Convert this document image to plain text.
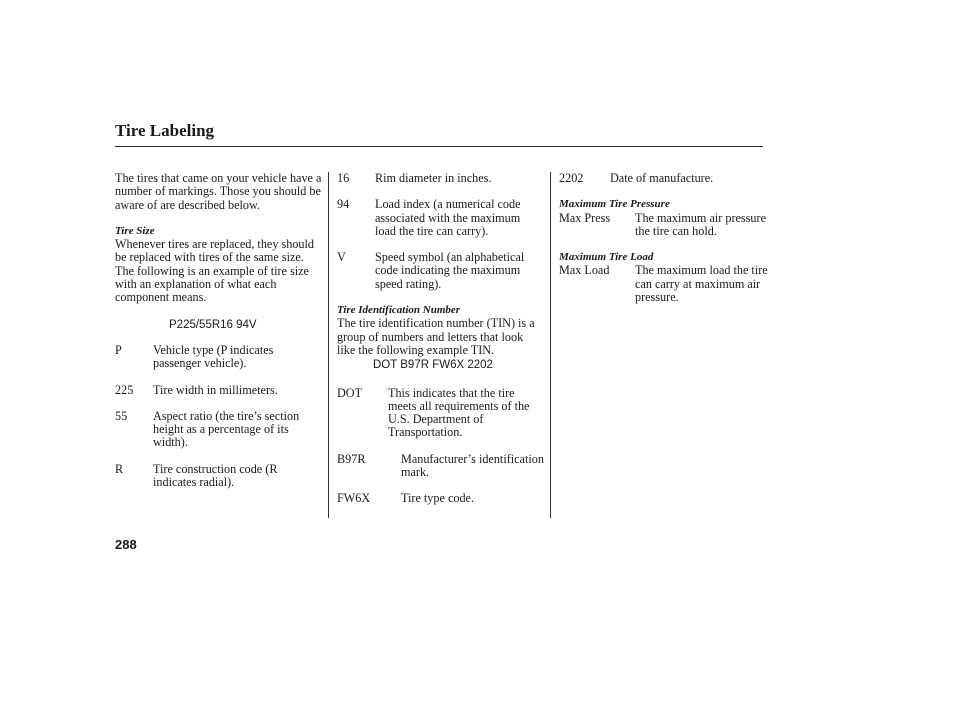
Tire Labeling

The tires that came on your vehicle have a number of markings. Those you should be aware of are described below.

Tire Size

Whenever tires are replaced, they should be replaced with tires of the same size. The following is an example of tire size with an explanation of what each component means.

P225/55R16 94V

P	Vehicle type (P indicates passenger vehicle).
225 Tire width in millimeters.
55 Aspect ratio (the tire’s section height as a percentage of its width).
R Tire construction code (R indicates radial).
16 Rim diameter in inches.
94 Load index (a numerical code associated with the maximum load the tire can carry).
V Speed symbol (an alphabetical code indicating the maximum speed rating).

Tire Identification Number

The tire identification number (TIN) is a group of numbers and letters that look like the following example TIN.

DOT B97R FW6X 2202

DOT This indicates that the tire meets all requirements of the U.S. Department of Transportation.
B97R	Manufacturer’s identification mark.
FW6X	Tire type code.
2202 Date of manufacture.

Maximum Tire Pressure

Max Press The maximum air pressure the tire can hold.

Maximum Tire Load

Max Load The maximum load the tire can carry at maximum air pressure.
288
